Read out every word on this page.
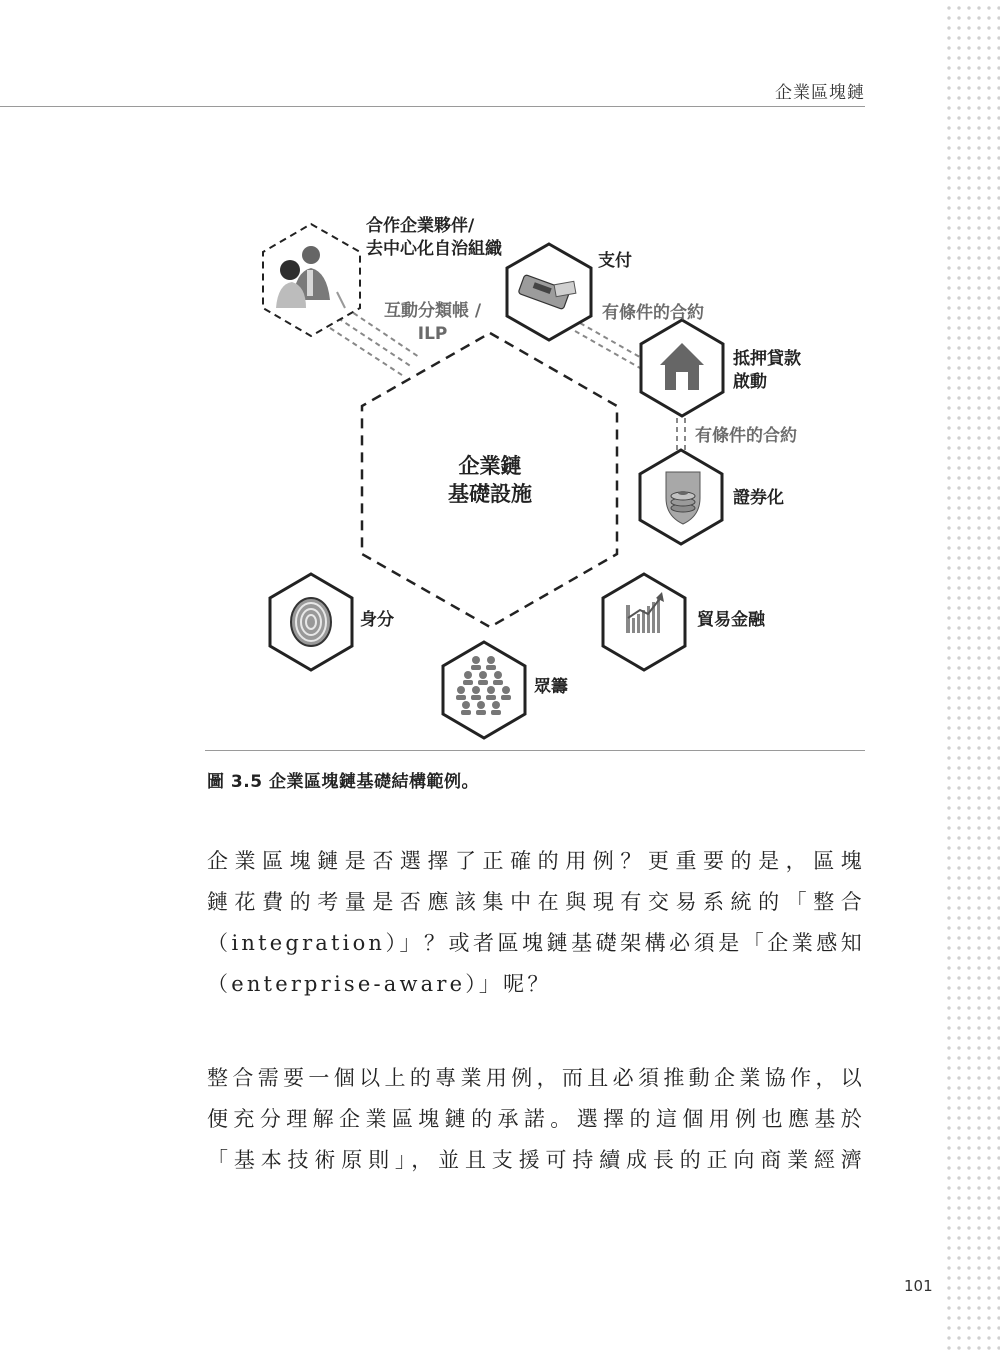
企業區塊鏈
企業鏈
基礎設施
合作企業夥伴/
去中心化自治組織
互動分類帳 /
ILP
支付
有條件的合約
抵押貸款
啟動
有條件的合約
證券化
貿易金融
身分
眾籌
圖 3.5 企業區塊鏈基礎結構範例。
企業區塊鏈是否選擇了正確的用例？更重要的是，區塊
鏈花費的考量是否應該集中在與現有交易系統的「整合
（integration）」？或者區塊鏈基礎架構必須是「企業感知
（enterprise-aware）」呢？
整合需要一個以上的專業用例，而且必須推動企業協作，以
便充分理解企業區塊鏈的承諾。選擇的這個用例也應基於
「基本技術原則」，並且支援可持續成長的正向商業經濟
101
